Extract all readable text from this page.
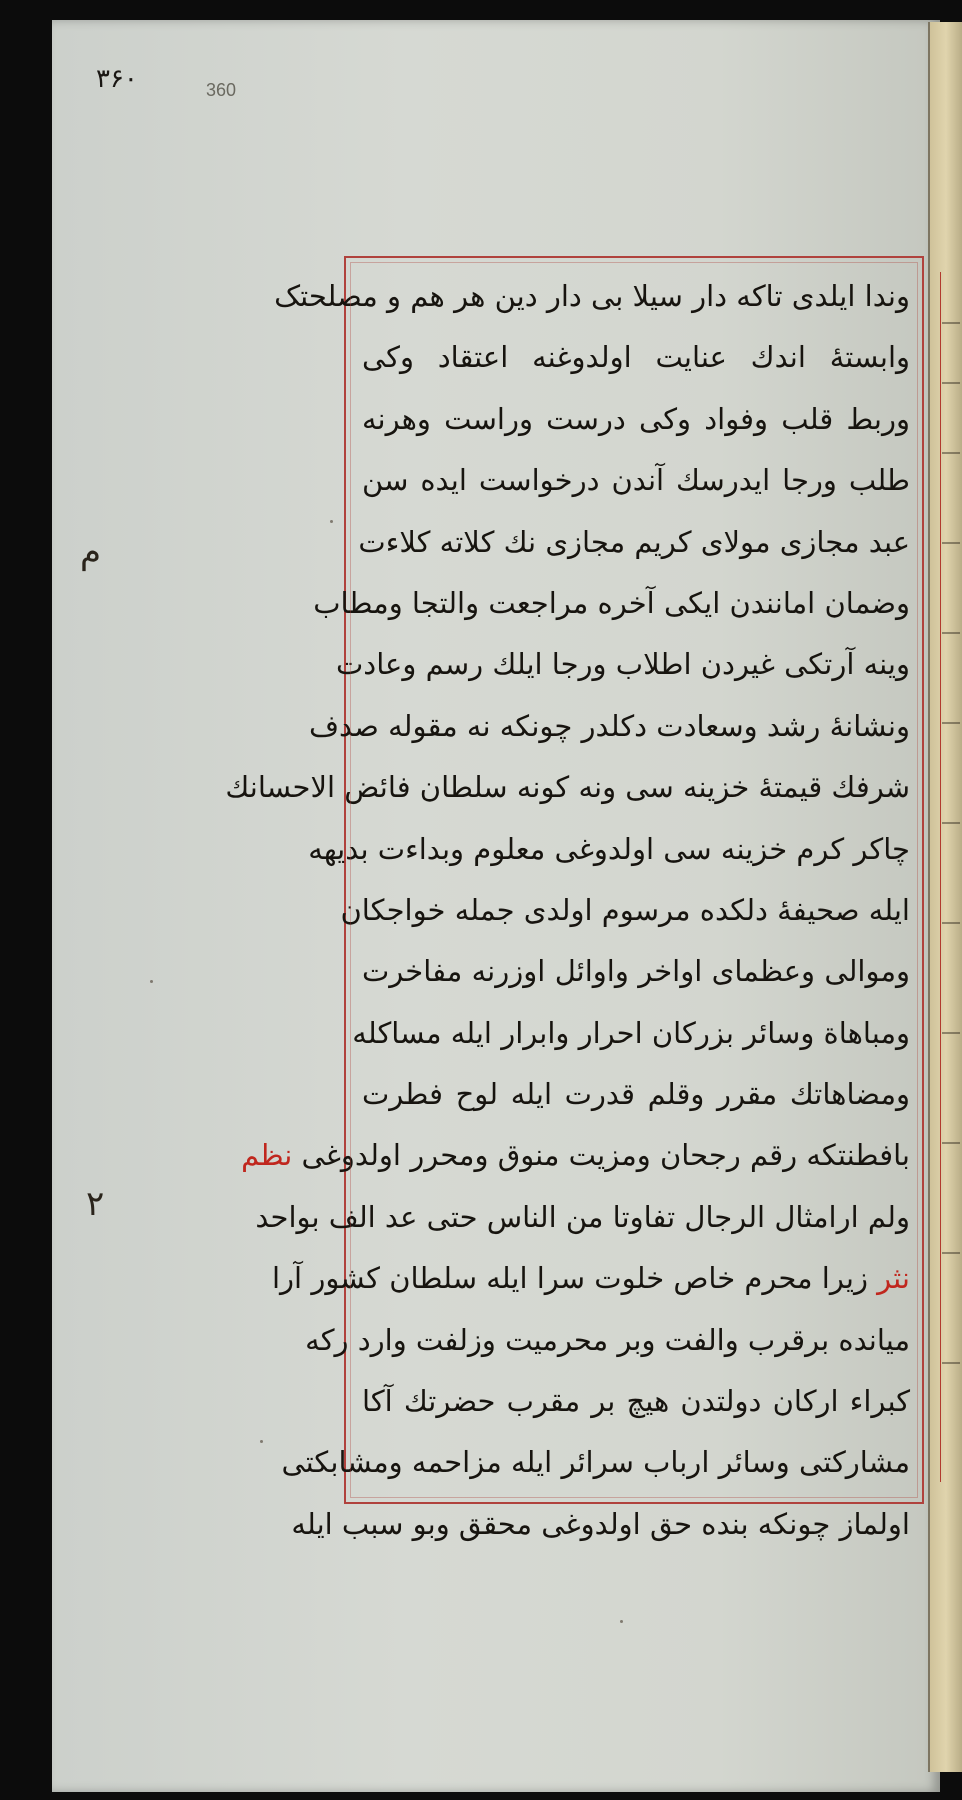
۳۶۰	360
م
٢
وندا ایلدی تاکه دار سیلا بی دار دین هر هم و مصلحتک
وابستهٔ اندك عنایت اولدوغنه اعتقاد وکی
وربط قلب وفواد وکی درست وراست وهرنه
طلب ورجا ایدرسك آندن درخواست ایده سن
عبد مجازی مولای کریم مجازی نك کلاته کلاءت
وضمان امانندن ایکی آخره مراجعت والتجا ومطاب
وینه آرتکی غیردن اطلاب ورجا ایلك رسم وعادت
ونشانهٔ رشد وسعادت دکلدر چونکه نه مقوله صدف
شرفك قیمتهٔ خزینه سی ونه کونه سلطان فائض الاحسانك
چاکر کرم خزینه سی اولدوغی معلوم وبداءت بدیهه
ایله صحیفهٔ دلکده مرسوم اولدی جمله خواجکان
وموالی وعظمای اواخر واوائل اوزرنه مفاخرت
ومباهاة وسائر بزرکان احرار وابرار ایله مساکله
ومضاهاتك مقرر وقلم قدرت ایله لوح فطرت
بافطنتکه رقم رجحان ومزیت منوق ومحرر اولدوغی نظم
ولم ارامثال الرجال تفاوتا من الناس حتی عد الف بواحد
نثر زیرا محرم خاص خلوت سرا ایله سلطان کشور آرا
میانده برقرب والفت وبر محرمیت وزلفت وارد رکه
کبراء ارکان دولتدن هیچ بر مقرب حضرتك آکا
مشارکتی وسائر ارباب سرائر ایله مزاحمه ومشابکتی
اولماز چونکه بنده حق اولدوغی محقق وبو سبب ایله
